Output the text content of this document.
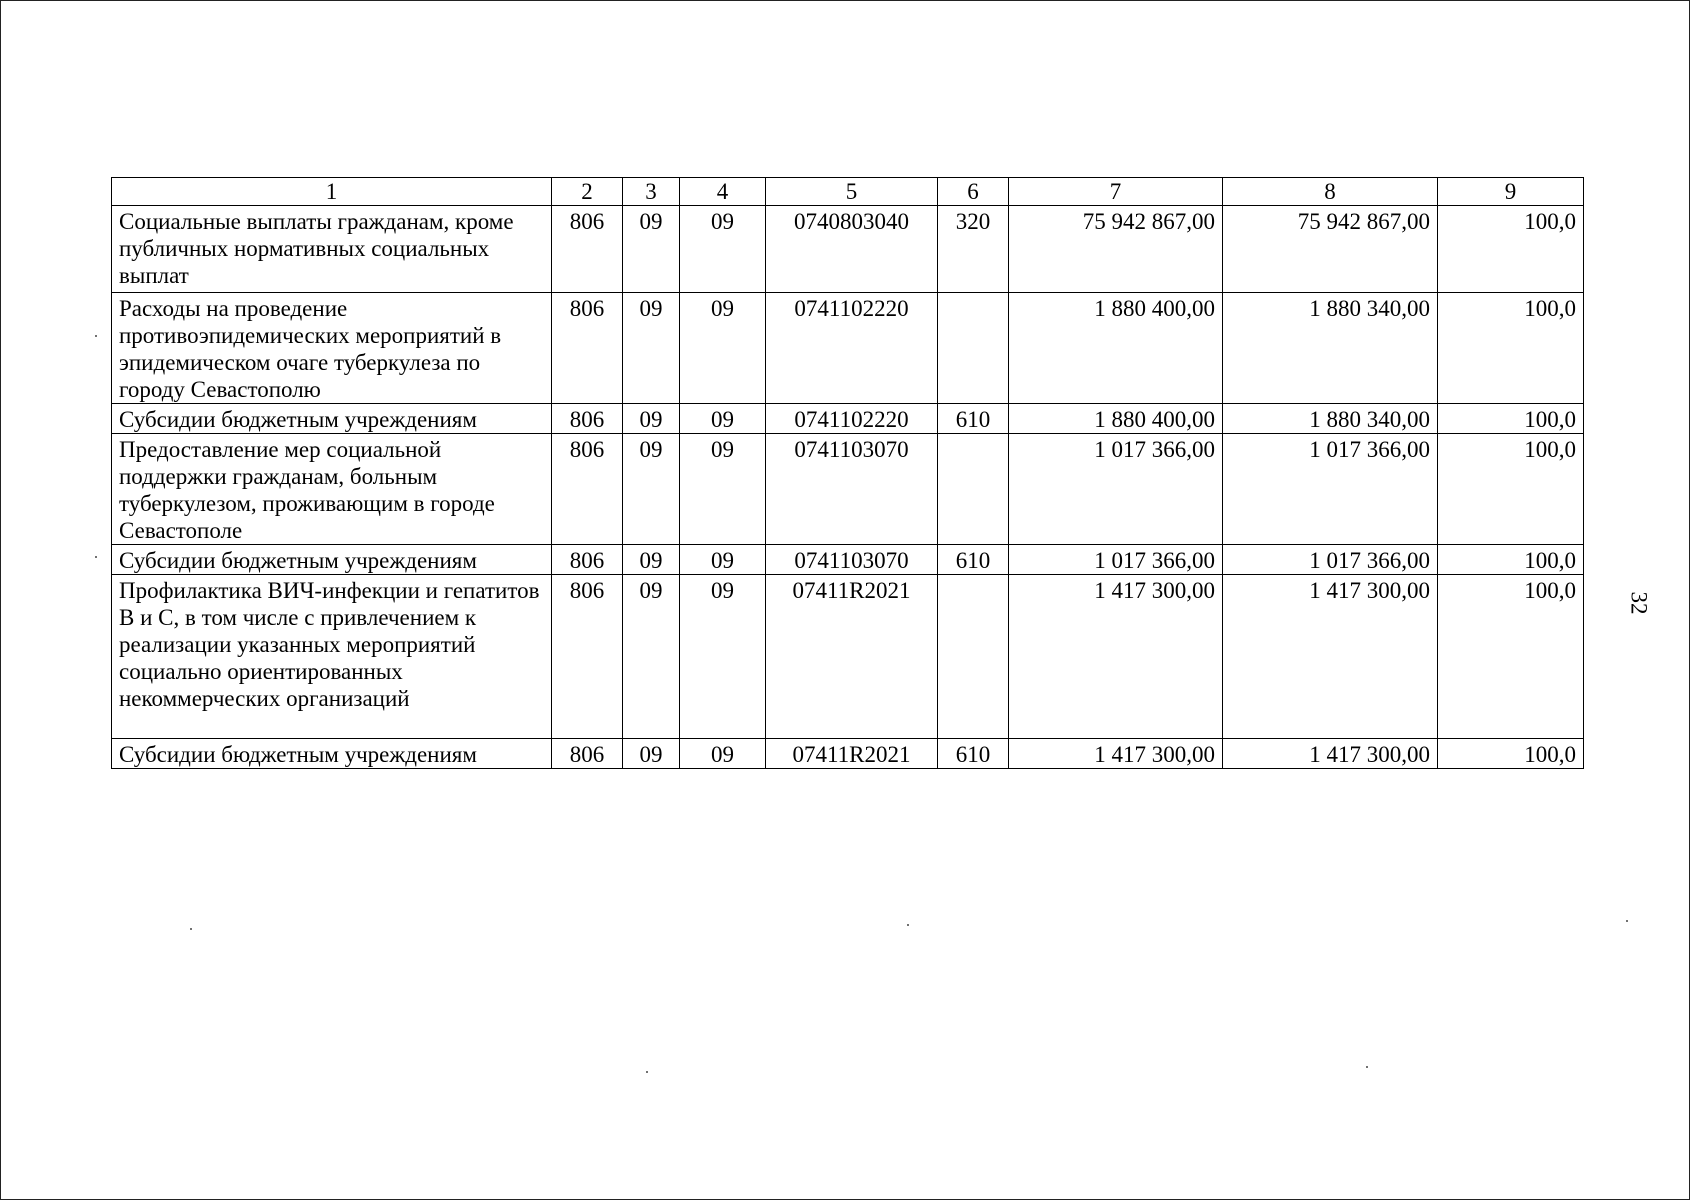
1	2	3	4	5	6	7	8	9
Социальные выплаты гражданам, кроме публичных нормативных социальных выплат	806	09	09	0740803040	320	75 942 867,00	75 942 867,00	100,0
Расходы на проведение противоэпидемических мероприятий в эпидемическом очаге туберкулеза по городу Севастополю	806	09	09	0741102220		1 880 400,00	1 880 340,00	100,0
Субсидии бюджетным учреждениям	806	09	09	0741102220	610	1 880 400,00	1 880 340,00	100,0
Предоставление мер социальной поддержки гражданам, больным туберкулезом, проживающим в городе Севастополе	806	09	09	0741103070		1 017 366,00	1 017 366,00	100,0
Субсидии бюджетным учреждениям	806	09	09	0741103070	610	1 017 366,00	1 017 366,00	100,0
Профилактика ВИЧ-инфекции и гепатитов В и С, в том числе с привлечением к реализации указанных мероприятий социально ориентированных некоммерческих организаций	806	09	09	07411R2021		1 417 300,00	1 417 300,00	100,0
Субсидии бюджетным учреждениям	806	09	09	07411R2021	610	1 417 300,00	1 417 300,00	100,0
32
